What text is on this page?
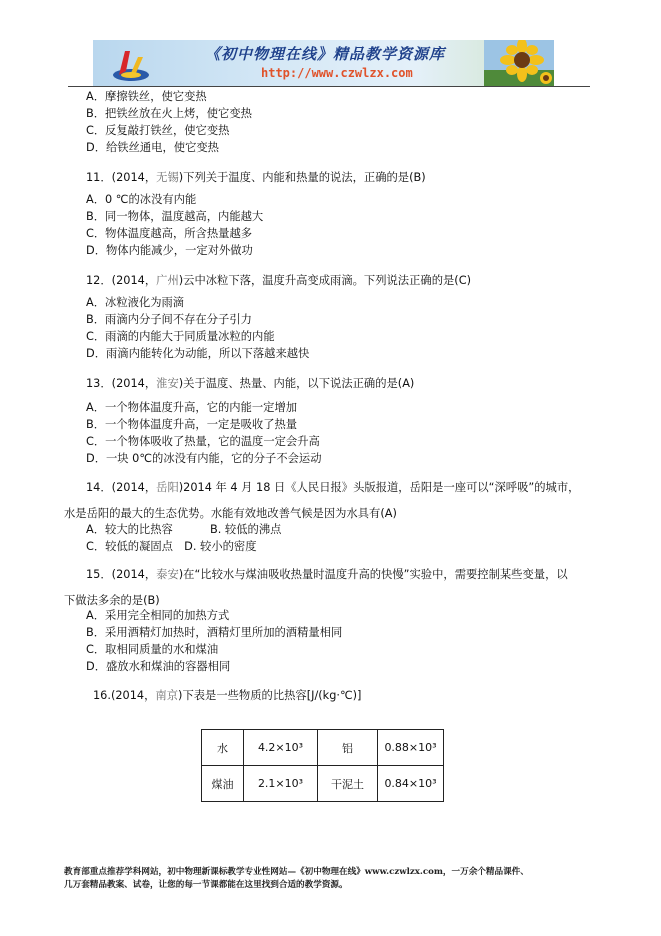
《初中物理在线》精品教学资源库
http://www.czwlzx.com
A．摩擦铁丝，使它变热
B．把铁丝放在火上烤，使它变热
C．反复敲打铁丝，使它变热
D．给铁丝通电，使它变热
11．(2014，无锡)下列关于温度、内能和热量的说法，正确的是(B)
A．0 ℃的冰没有内能
B．同一物体，温度越高，内能越大
C．物体温度越高，所含热量越多
D．物体内能减少，一定对外做功
12．(2014，广州)云中冰粒下落，温度升高变成雨滴。下列说法正确的是(C)
A．冰粒液化为雨滴
B．雨滴内分子间不存在分子引力
C．雨滴的内能大于同质量冰粒的内能
D．雨滴内能转化为动能，所以下落越来越快
13．(2014，淮安)关于温度、热量、内能，以下说法正确的是(A)
A．一个物体温度升高，它的内能一定增加
B．一个物体温度升高，一定是吸收了热量
C．一个物体吸收了热量，它的温度一定会升高
D．一块 0℃的冰没有内能，它的分子不会运动
14．(2014，岳阳)2014 年 4 月 18 日《人民日报》头版报道，岳阳是一座可以“深呼吸”的城市，
水是岳阳的最大的生态优势。水能有效地改善气候是因为水具有(A)
A．较大的比热容	B. 较低的沸点
C．较低的凝固点 D. 较小的密度
15．(2014，泰安)在“比较水与煤油吸收热量时温度升高的快慢”实验中，需要控制某些变量，以
下做法多余的是(B)
A．采用完全相同的加热方式
B．采用酒精灯加热时，酒精灯里所加的酒精量相同
C．取相同质量的水和煤油
D．盛放水和煤油的容器相同
16.(2014，南京)下表是一些物质的比热容[J/(kg·℃)]
水	4.2×10³	铝	0.88×10³
煤油	2.1×10³	干泥土	0.84×10³
教育部重点推荐学科网站，初中物理新课标教学专业性网站—《初中物理在线》www.czwlzx.com，一万余个精品课件、
几万套精品教案、试卷，让您的每一节课都能在这里找到合适的教学资源。
